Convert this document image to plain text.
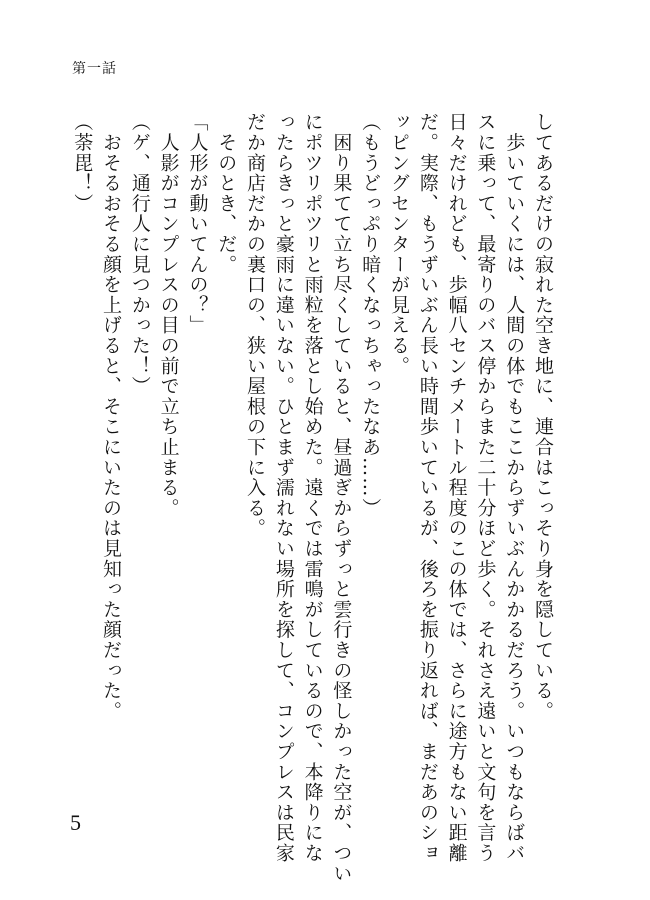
第一話

してあるだけの寂れた空き地に、連合はこっそり身を隠している。

　歩いていくには、人間の体でもここからずいぶんかかるだろう。いつもならばバ

スに乗って、最寄りのバス停からまた二十分ほど歩く。それさえ遠いと文句を言う

日々だけれども、歩幅八センチメートル程度のこの体では、さらに途方もない距離

だ。実際、もうずいぶん長い時間歩いているが、後ろを振り返れば、まだあのショ

ッピングセンターが見える。

（もうどっぷり暗くなっちゃったなあ……）

　困り果てて立ち尽くしていると、昼過ぎからずっと雲行きの怪しかった空が、つい

にポツリポツリと雨粒を落とし始めた。遠くでは雷鳴がしているので、本降りにな

ったらきっと豪雨に違いない。ひとまず濡れない場所を探して、コンプレスは民家

だか商店だかの裏口の、狭い屋根の下に入る。

　そのとき、だ。

「人形が動いてんの？」

　人影がコンプレスの目の前で立ち止まる。

（ゲ、通行人に見つかった！）

　おそるおそる顔を上げると、そこにいたのは見知った顔だった。

（荼毘！）

5
